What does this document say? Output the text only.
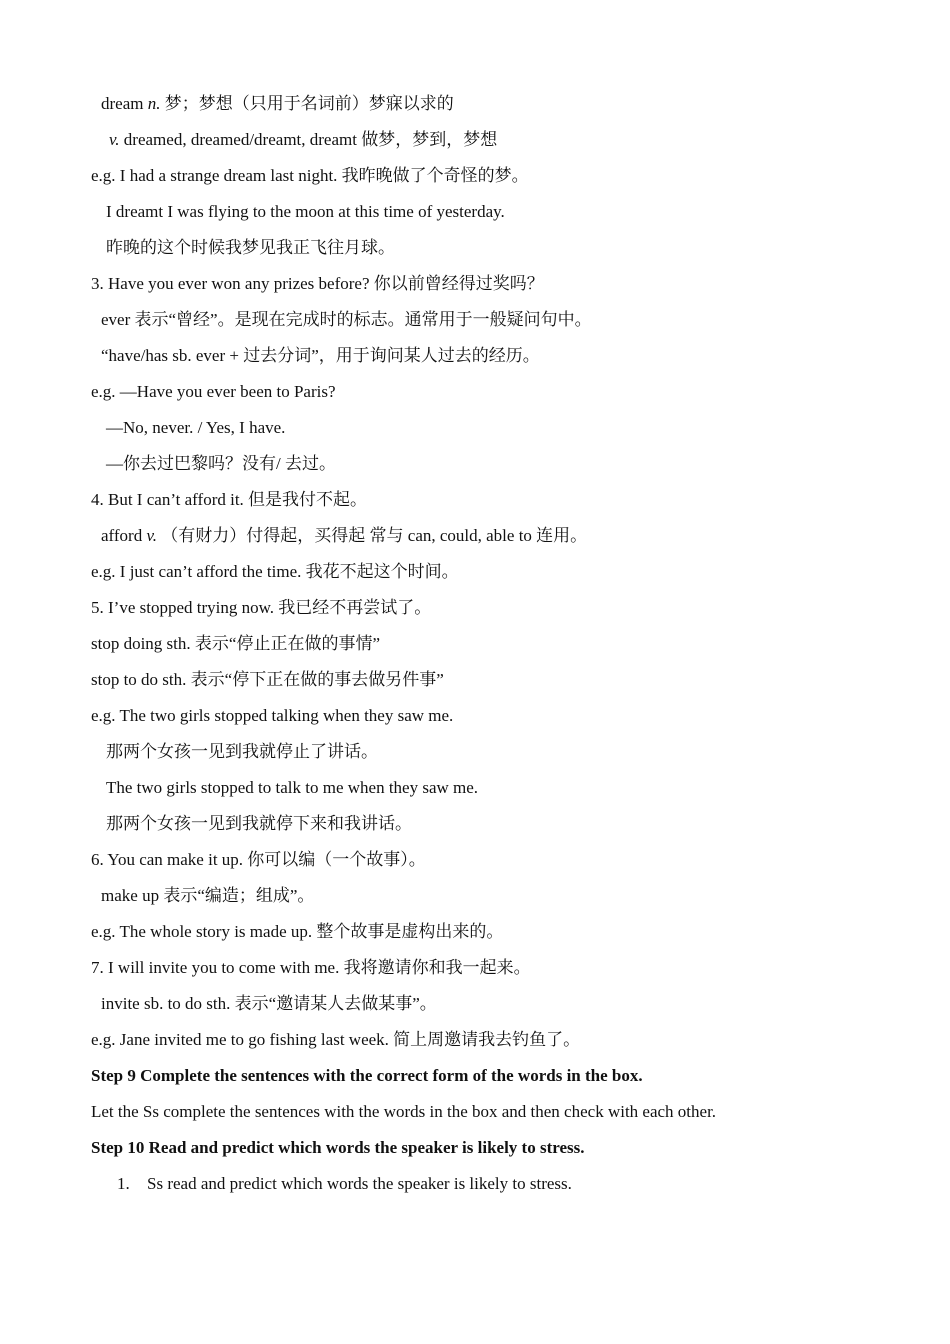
dream n. 梦；梦想（只用于名词前）梦寐以求的
v. dreamed, dreamed/dreamt, dreamt 做梦，梦到，梦想
e.g. I had a strange dream last night. 我昨晚做了个奇怪的梦。
I dreamt I was flying to the moon at this time of yesterday.
昨晚的这个时候我梦见我正飞往月球。
3. Have you ever won any prizes before? 你以前曾经得过奖吗？
ever 表示“曾经”。是现在完成时的标志。通常用于一般疑问句中。
“have/has sb. ever + 过去分词”，用于询问某人过去的经历。
e.g. —Have you ever been to Paris?
—No, never. / Yes, I have.
—你去过巴黎吗？没有/ 去过。
4. But I can’t afford it. 但是我付不起。
afford v. （有财力）付得起，买得起 常与 can, could, able to 连用。
e.g. I just can’t afford the time. 我花不起这个时间。
5. I’ve stopped trying now. 我已经不再尝试了。
stop doing sth. 表示“停止正在做的事情”
stop to do sth. 表示“停下正在做的事去做另件事”
e.g. The two girls stopped talking when they saw me.
那两个女孩一见到我就停止了讲话。
The two girls stopped to talk to me when they saw me.
那两个女孩一见到我就停下来和我讲话。
6. You can make it up. 你可以编（一个故事）。
make up 表示“编造；组成”。
e.g. The whole story is made up. 整个故事是虚构出来的。
7. I will invite you to come with me. 我将邀请你和我一起来。
invite sb. to do sth. 表示“邀请某人去做某事”。
e.g. Jane invited me to go fishing last week. 简上周邀请我去钓鱼了。
Step 9 Complete the sentences with the correct form of the words in the box.
Let the Ss complete the sentences with the words in the box and then check with each other.
Step 10 Read and predict which words the speaker is likely to stress.
1. Ss read and predict which words the speaker is likely to stress.
